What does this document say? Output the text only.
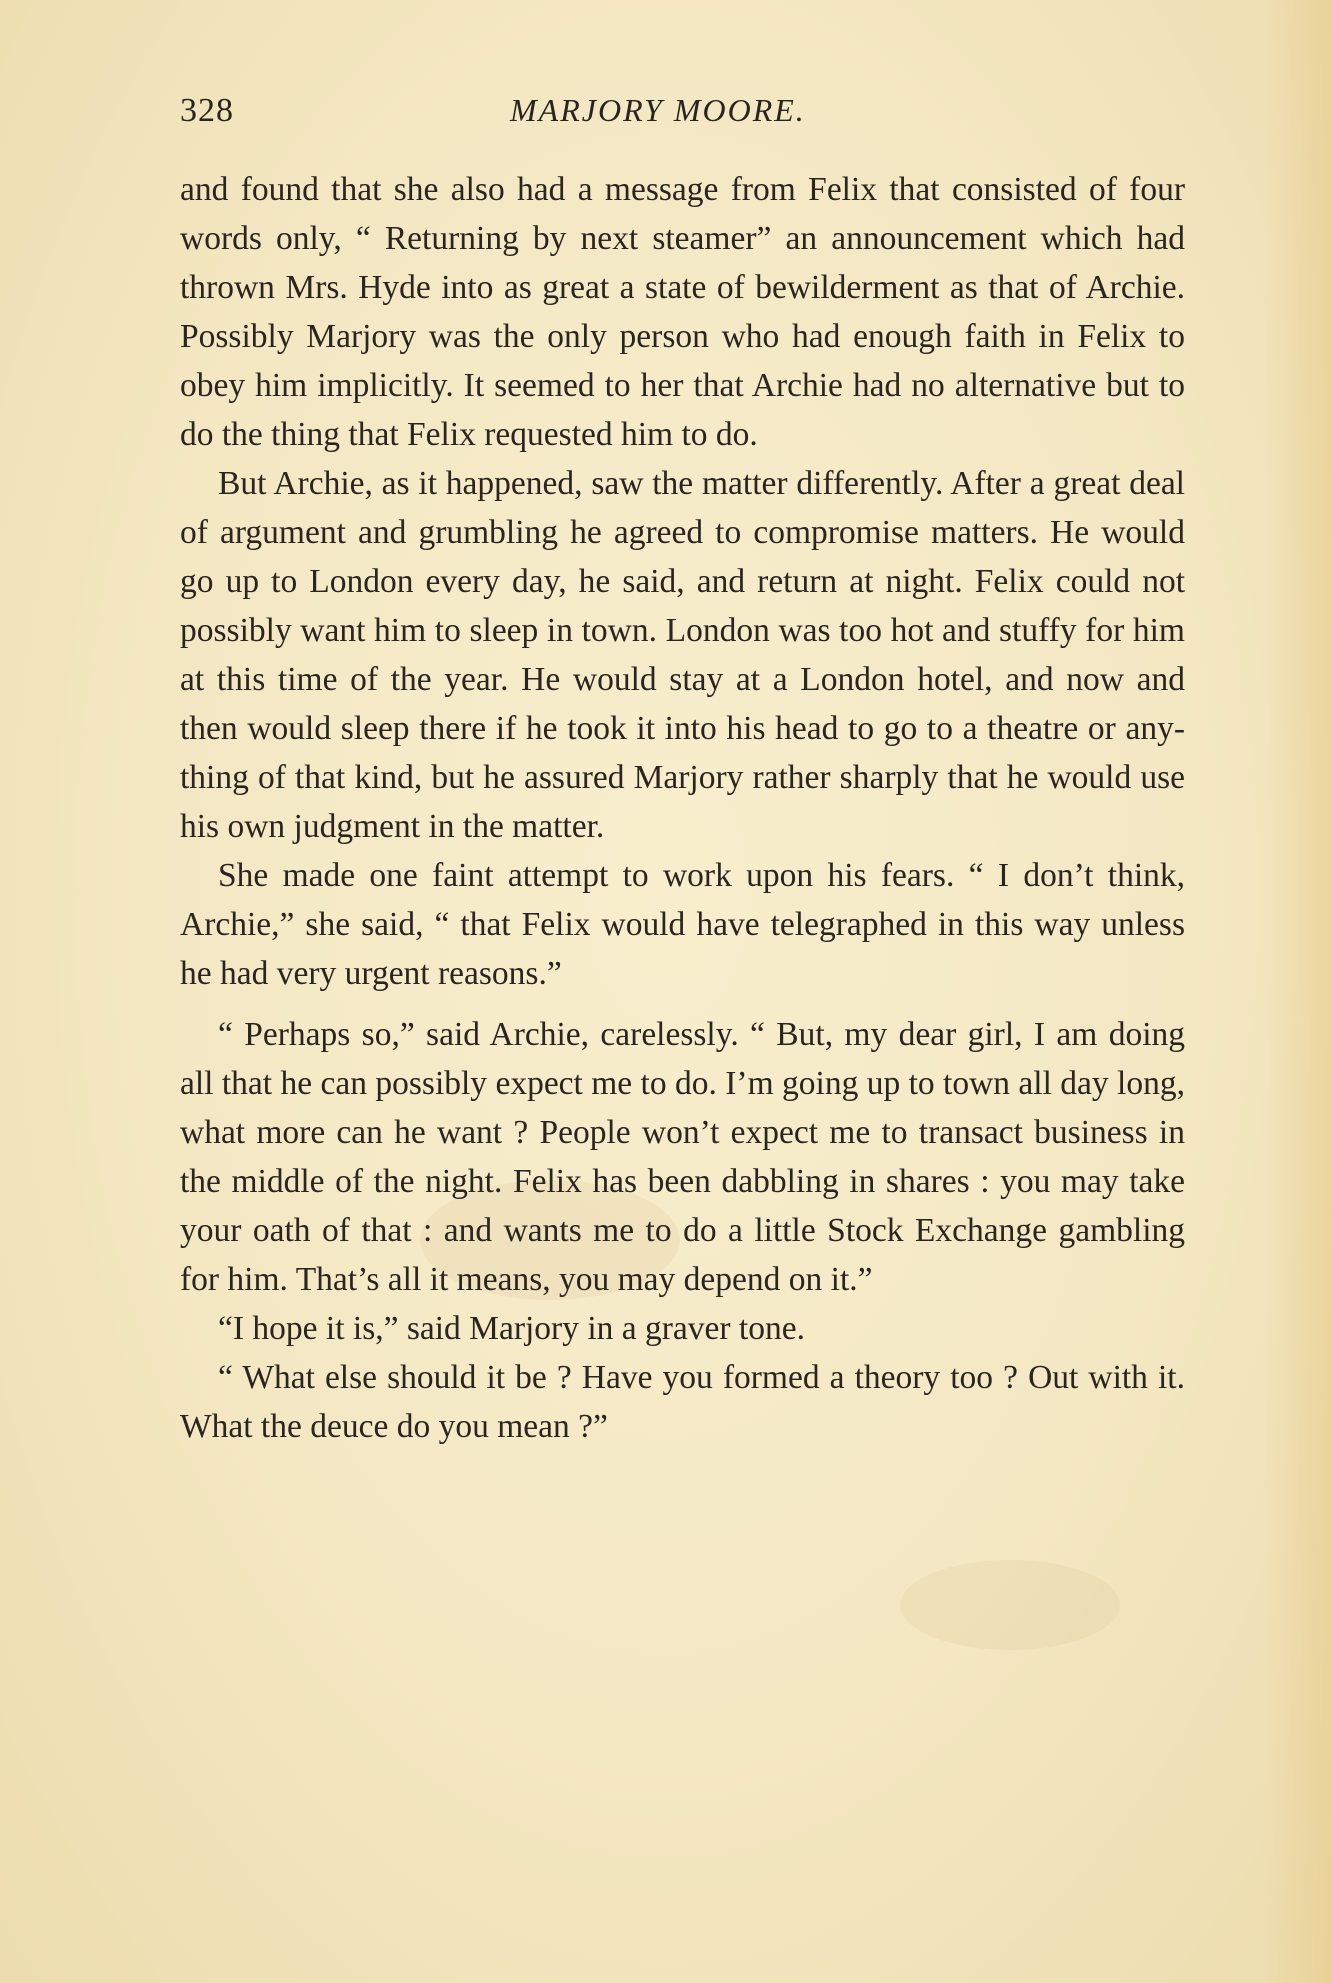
328	MARJORY MOORE.

and found that she also had a message from Felix that consisted of four words only, “ Returning by next steamer” an announcement which had thrown Mrs. Hyde into as great a state of bewilderment as that of Archie. Possibly Marjory was the only person who had enough faith in Felix to obey him implicitly. It seemed to her that Archie had no alternative but to do the thing that Felix requested him to do.

But Archie, as it happened, saw the matter differently. After a great deal of argument and grumbling he agreed to compromise matters. He would go up to London every day, he said, and return at night. Felix could not possibly want him to sleep in town. London was too hot and stuffy for him at this time of the year. He would stay at a London hotel, and now and then would sleep there if he took it into his head to go to a theatre or any-thing of that kind, but he assured Marjory rather sharply that he would use his own judgment in the matter.

She made one faint attempt to work upon his fears. “ I don’t think, Archie,” she said, “ that Felix would have telegraphed in this way unless he had very urgent reasons.”

“ Perhaps so,” said Archie, carelessly. “ But, my dear girl, I am doing all that he can possibly expect me to do. I’m going up to town all day long, what more can he want ? People won’t expect me to transact business in the middle of the night. Felix has been dabbling in shares : you may take your oath of that : and wants me to do a little Stock Exchange gambling for him. That’s all it means, you may depend on it.”

“I hope it is,” said Marjory in a graver tone.

“ What else should it be ? Have you formed a theory too ? Out with it. What the deuce do you mean ?”
